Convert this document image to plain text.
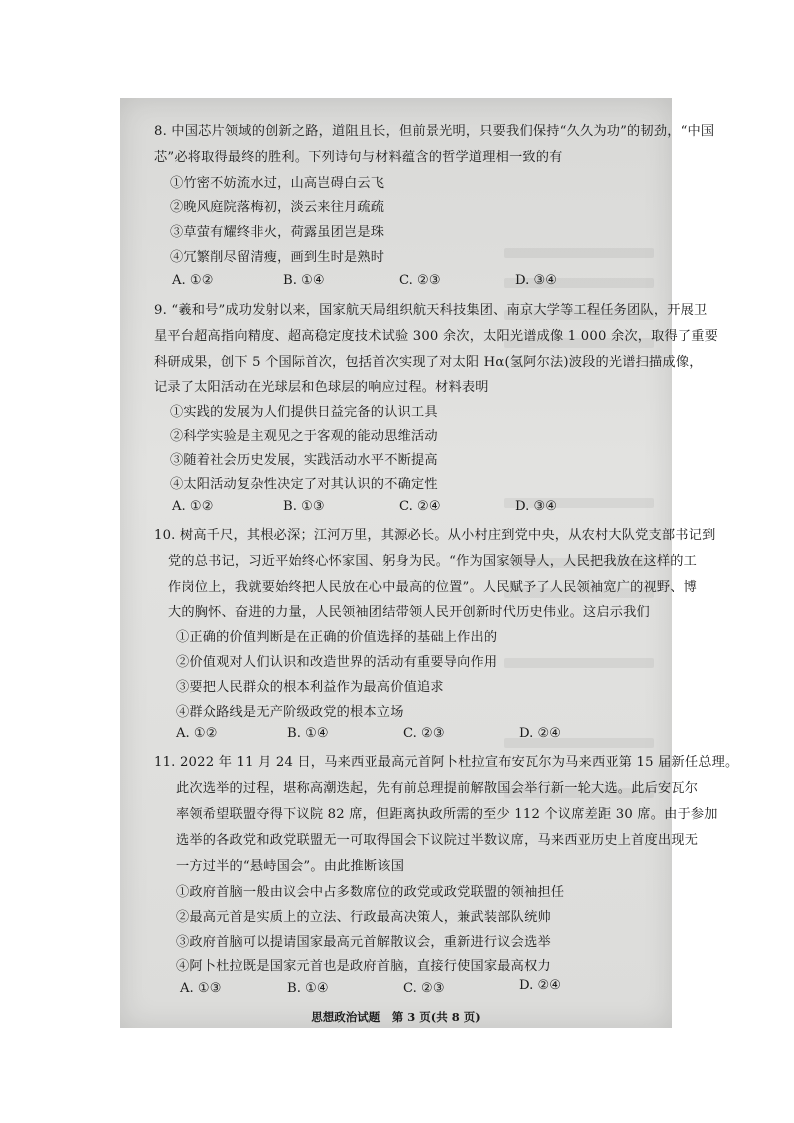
8. 中国芯片领域的创新之路，道阻且长，但前景光明，只要我们保持“久久为功”的韧劲，“中国
芯”必将取得最终的胜利。下列诗句与材料蕴含的哲学道理相一致的有
①竹密不妨流水过，山高岂碍白云飞
②晚风庭院落梅初，淡云来往月疏疏
③草萤有耀终非火，荷露虽团岂是珠
④冗繁削尽留清瘦，画到生时是熟时
A. ①②	B. ①④	C. ②③	D. ③④
9. “羲和号”成功发射以来，国家航天局组织航天科技集团、南京大学等工程任务团队，开展卫
星平台超高指向精度、超高稳定度技术试验 300 余次，太阳光谱成像 1 000 余次，取得了重要
科研成果，创下 5 个国际首次，包括首次实现了对太阳 Hα(氢阿尔法)波段的光谱扫描成像，
记录了太阳活动在光球层和色球层的响应过程。材料表明
①实践的发展为人们提供日益完备的认识工具
②科学实验是主观见之于客观的能动思维活动
③随着社会历史发展，实践活动水平不断提高
④太阳活动复杂性决定了对其认识的不确定性
A. ①②	B. ①③	C. ②④	D. ③④
10. 树高千尺，其根必深；江河万里，其源必长。从小村庄到党中央，从农村大队党支部书记到
党的总书记，习近平始终心怀家国、躬身为民。“作为国家领导人，人民把我放在这样的工
作岗位上，我就要始终把人民放在心中最高的位置”。人民赋予了人民领袖宽广的视野、博
大的胸怀、奋进的力量，人民领袖团结带领人民开创新时代历史伟业。这启示我们
①正确的价值判断是在正确的价值选择的基础上作出的
②价值观对人们认识和改造世界的活动有重要导向作用
③要把人民群众的根本利益作为最高价值追求
④群众路线是无产阶级政党的根本立场
A. ①②	B. ①④	C. ②③	D. ②④
11. 2022 年 11 月 24 日，马来西亚最高元首阿卜杜拉宣布安瓦尔为马来西亚第 15 届新任总理。
此次选举的过程，堪称高潮迭起，先有前总理提前解散国会举行新一轮大选。此后安瓦尔
率领希望联盟夺得下议院 82 席，但距离执政所需的至少 112 个议席差距 30 席。由于参加
选举的各政党和政党联盟无一可取得国会下议院过半数议席，马来西亚历史上首度出现无
一方过半的“悬峙国会”。由此推断该国
①政府首脑一般由议会中占多数席位的政党或政党联盟的领袖担任
②最高元首是实质上的立法、行政最高决策人，兼武装部队统帅
③政府首脑可以提请国家最高元首解散议会，重新进行议会选举
④阿卜杜拉既是国家元首也是政府首脑，直接行使国家最高权力
A. ①③	B. ①④	C. ②③	D. ②④
思想政治试题　第 3 页(共 8 页)
